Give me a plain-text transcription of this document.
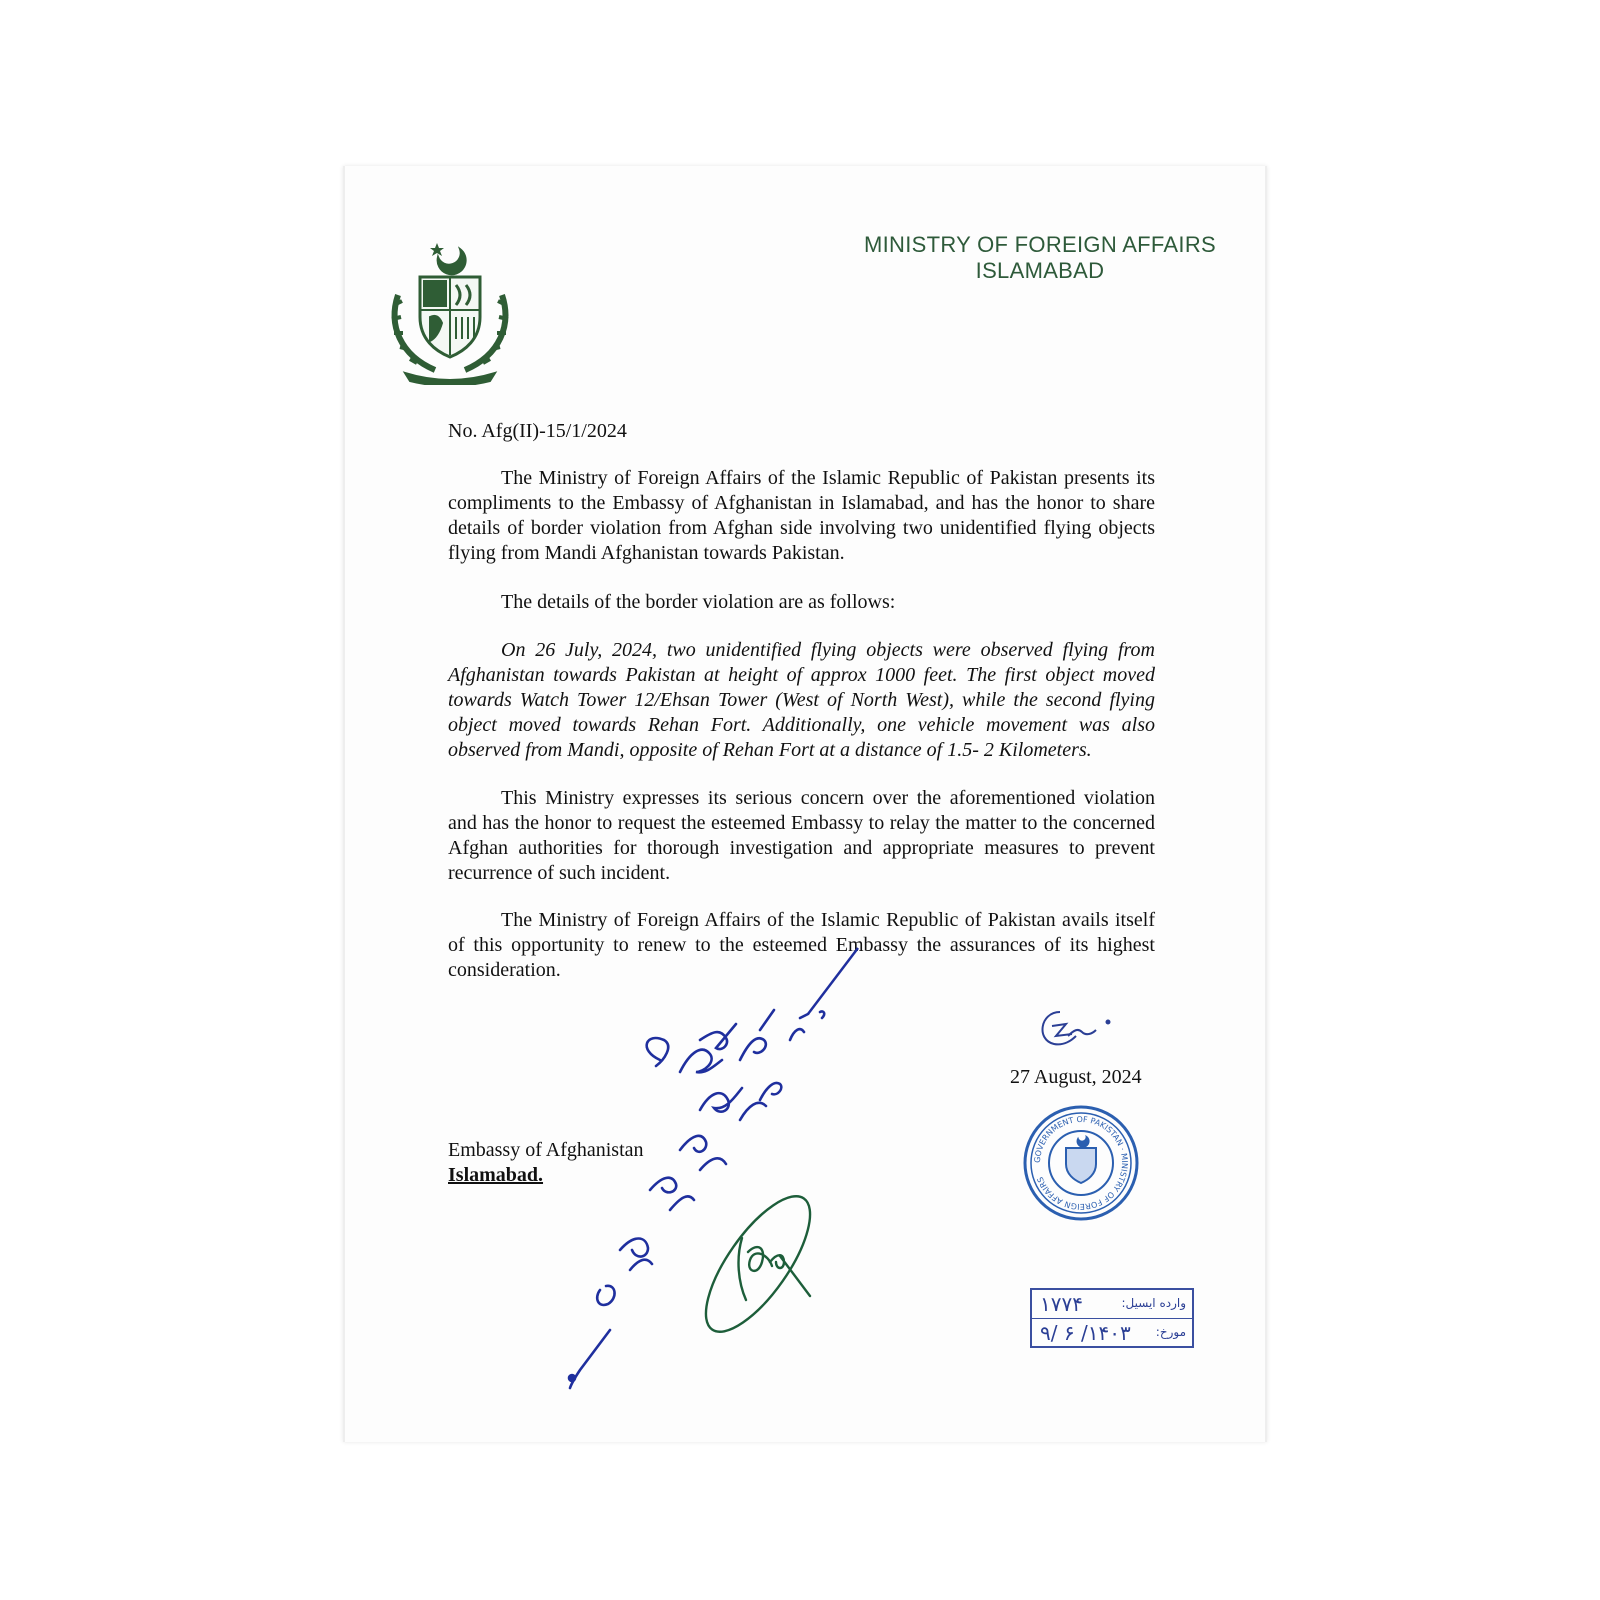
MINISTRY OF FOREIGN AFFAIRS
ISLAMABAD
No. Afg(II)-15/1/2024
The Ministry of Foreign Affairs of the Islamic Republic of Pakistan presents its compliments to the Embassy of Afghanistan in Islamabad, and has the honor to share details of border violation from Afghan side involving two unidentified flying objects flying from Mandi Afghanistan towards Pakistan.
The details of the border violation are as follows:
On 26 July, 2024, two unidentified flying objects were observed flying from Afghanistan towards Pakistan at height of approx 1000 feet. The first object moved towards Watch Tower 12/Ehsan Tower (West of North West), while the second flying object moved towards Rehan Fort. Additionally, one vehicle movement was also observed from Mandi, opposite of Rehan Fort at a distance of 1.5- 2 Kilometers.
This Ministry expresses its serious concern over the aforementioned violation and has the honor to request the esteemed Embassy to relay the matter to the concerned Afghan authorities for thorough investigation and appropriate measures to prevent recurrence of such incident.
The Ministry of Foreign Affairs of the Islamic Republic of Pakistan avails itself of this opportunity to renew to the esteemed Embassy the assurances of its highest consideration.
27 August, 2024
Embassy of Afghanistan
Islamabad.
GOVERNMENT OF PAKISTAN · MINISTRY OF FOREIGN AFFAIRS
وارده ایسیل:
۱۷۷۴
مورخ:
۱۴۰۳/ ۶ /۹
